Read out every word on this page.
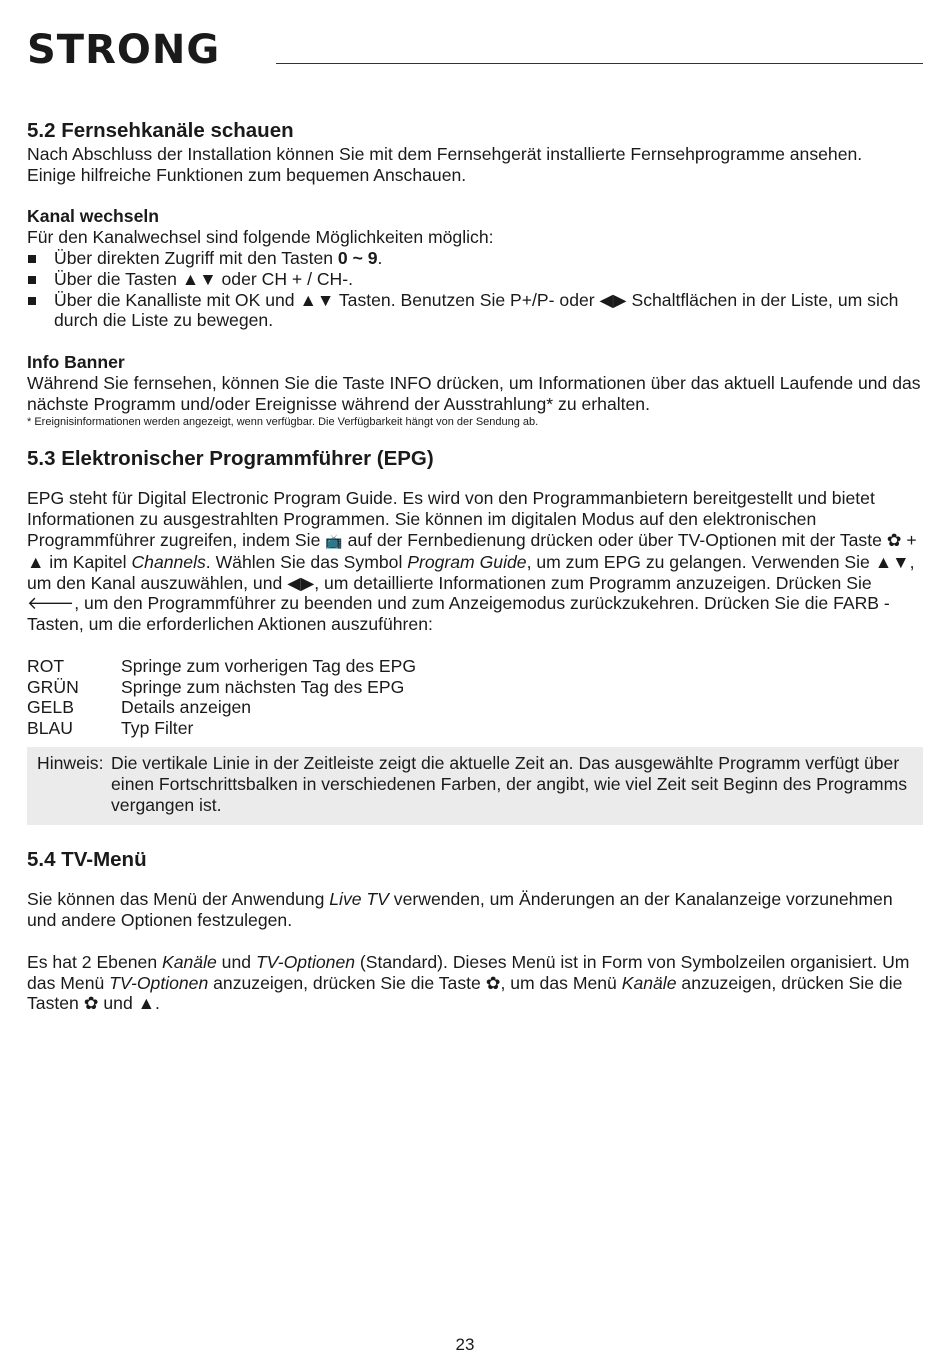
STRONG
5.2 Fernsehkanäle schauen

Nach Abschluss der Installation können Sie mit dem Fernsehgerät installierte Fernsehprogramme ansehen.
Einige hilfreiche Funktionen zum bequemen Anschauen.

Kanal wechseln

Für den Kanalwechsel sind folgende Möglichkeiten möglich:

Über direkten Zugriff mit den Tasten 0 ~ 9.
Über die Tasten ▲▼ oder CH + / CH-.
Über die Kanalliste mit OK und ▲▼ Tasten. Benutzen Sie P+/P- oder ◀▶ Schaltflächen in der Liste, um sich durch die Liste zu bewegen.

Info Banner

Während Sie fernsehen, können Sie die Taste INFO drücken, um Informationen über das aktuell Laufende und das nächste Programm und/oder Ereignisse während der Ausstrahlung* zu erhalten.

* Ereignisinformationen werden angezeigt, wenn verfügbar. Die Verfügbarkeit hängt von der Sendung ab.

5.3 Elektronischer Programmführer (EPG)

EPG steht für Digital Electronic Program Guide. Es wird von den Programmanbietern bereitgestellt und bietet Informationen zu ausgestrahlten Programmen. Sie können im digitalen Modus auf den elektronischen Programmführer zugreifen, indem Sie 📺 auf der Fernbedienung drücken oder über TV-Optionen mit der Taste ✿ + ▲ im Kapitel Channels. Wählen Sie das Symbol Program Guide, um zum EPG zu gelangen. Verwenden Sie ▲▼, um den Kanal auszuwählen, und ◀▶, um detaillierte Informationen zum Programm anzuzeigen. Drücken Sie 🡐, um den Programmführer zu beenden und zum Anzeigemodus zurückzukehren. Drücken Sie die FARB -Tasten, um die erforderlichen Aktionen auszuführen:

ROT	Springe zum vorherigen Tag des EPG
GRÜN	Springe zum nächsten Tag des EPG
GELB	Details anzeigen
BLAU	Typ Filter
Hinweis: Die vertikale Linie in der Zeitleiste zeigt die aktuelle Zeit an. Das ausgewählte Programm verfügt über einen Fortschrittsbalken in verschiedenen Farben, der angibt, wie viel Zeit seit Beginn des Programms vergangen ist.
5.4 TV-Menü

Sie können das Menü der Anwendung Live TV verwenden, um Änderungen an der Kanalanzeige vorzunehmen und andere Optionen festzulegen.

Es hat 2 Ebenen Kanäle und TV-Optionen (Standard). Dieses Menü ist in Form von Symbolzeilen organisiert. Um das Menü TV-Optionen anzuzeigen, drücken Sie die Taste ✿, um das Menü Kanäle anzuzeigen, drücken Sie die Tasten ✿ und ▲.

23
